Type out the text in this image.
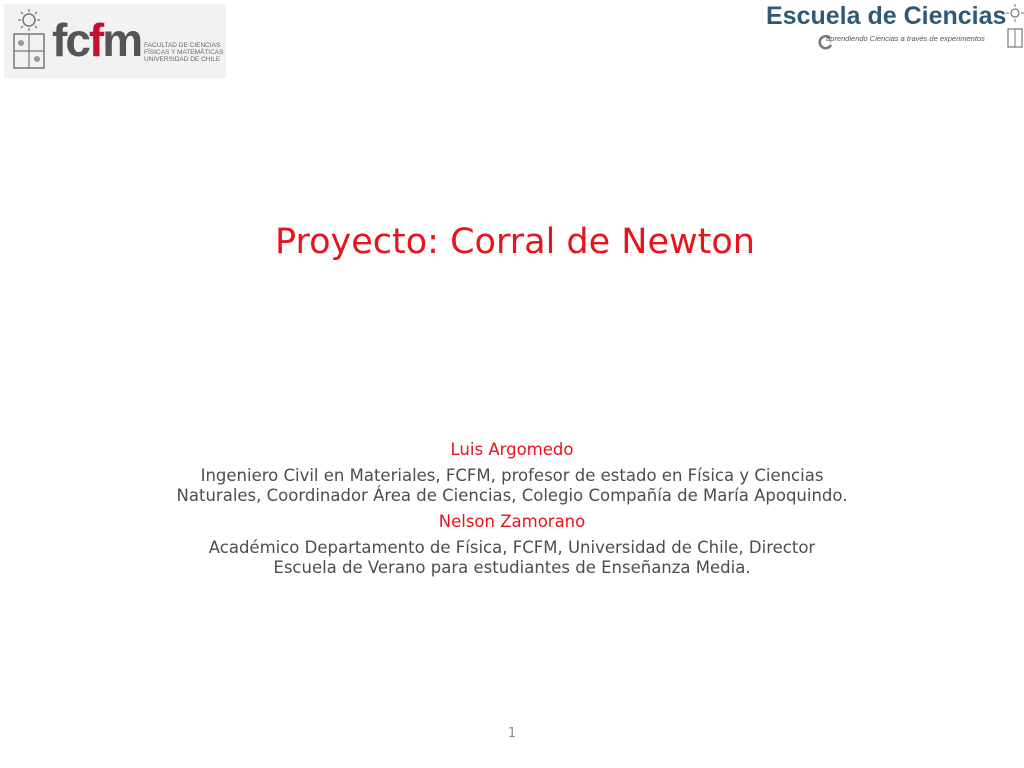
fcfm FACULTAD DE CIENCIAS
FÍSICAS Y MATEMÁTICAS
UNIVERSIDAD DE CHILE
Escuela de Ciencias
aprendiendo Ciencias a través de experimentos
Proyecto: Corral de Newton

Luis Argomedo

Ingeniero Civil en Materiales, FCFM, profesor de estado en Física y Ciencias Naturales, Coordinador Área de Ciencias, Colegio Compañía de María Apoquindo.

Nelson Zamorano

Académico Departamento de Física, FCFM, Universidad de Chile, Director Escuela de Verano para estudiantes de Enseñanza Media.

1
